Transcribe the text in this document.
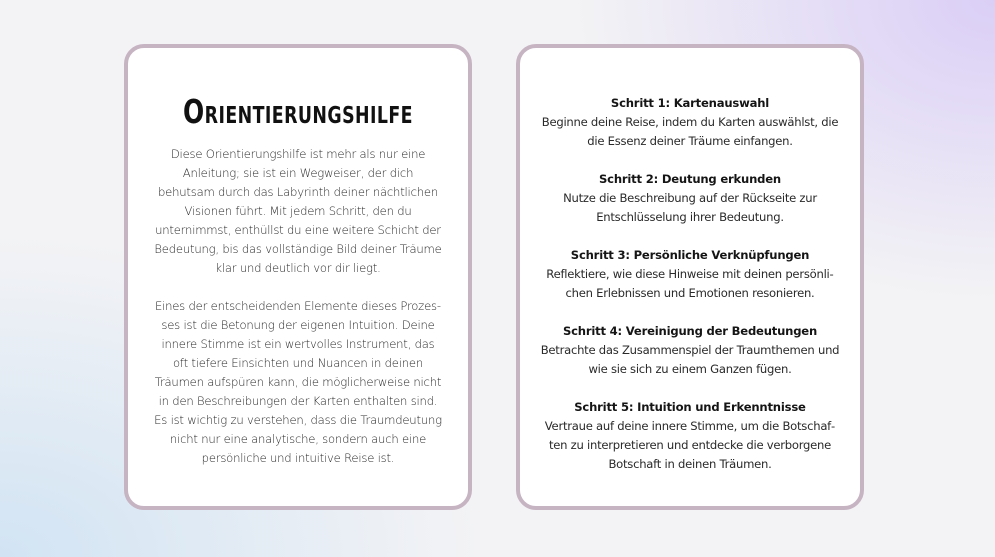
Orientierungshilfe

Diese Orientierungshilfe ist mehr als nur eine Anleitung; sie ist ein Wegweiser, der dich behutsam durch das Labyrinth deiner nächtlichen Visionen führt. Mit jedem Schritt, den du unternimmst, enthüllst du eine weitere Schicht der Bedeutung, bis das vollständige Bild deiner Träume klar und deutlich vor dir liegt.

Eines der entscheidenden Elemente dieses Prozesses ist die Betonung der eigenen Intuition. Deine innere Stimme ist ein wertvolles Instrument, das oft tiefere Einsichten und Nuancen in deinen Träumen aufspüren kann, die möglicherweise nicht in den Beschreibungen der Karten enthalten sind. Es ist wichtig zu verstehen, dass die Traumdeutung nicht nur eine analytische, sondern auch eine persönliche und intuitive Reise ist.

Schritt 1: Kartenauswahl
Beginne deine Reise, indem du Karten auswählst, die die Essenz deiner Träume einfangen.
Schritt 2: Deutung erkunden
Nutze die Beschreibung auf der Rückseite zur Entschlüsselung ihrer Bedeutung.
Schritt 3: Persönliche Verknüpfungen
Reflektiere, wie diese Hinweise mit deinen persönlichen Erlebnissen und Emotionen resonieren.
Schritt 4: Vereinigung der Bedeutungen
Betrachte das Zusammenspiel der Traumthemen und wie sie sich zu einem Ganzen fügen.
Schritt 5: Intuition und Erkenntnisse
Vertraue auf deine innere Stimme, um die Botschaften zu interpretieren und entdecke die verborgene Botschaft in deinen Träumen.
